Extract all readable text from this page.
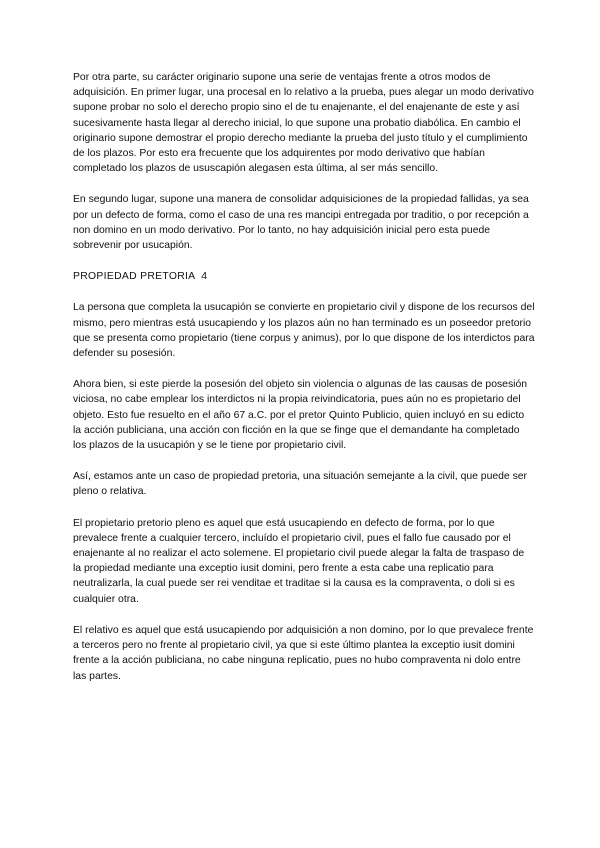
Por otra parte, su carácter originario supone una serie de ventajas frente a otros modos de adquisición. En primer lugar, una procesal en lo relativo a la prueba, pues alegar un modo derivativo supone probar no solo el derecho propio sino el de tu enajenante, el del enajenante de este y así sucesivamente hasta llegar al derecho inicial, lo que supone una probatio diabólica. En cambio el originario supone demostrar el propio derecho mediante la prueba del justo título y el cumplimiento de los plazos. Por esto era frecuente que los adquirentes por modo derivativo que habían completado los plazos de ususcapión alegasen esta última, al ser más sencillo.

En segundo lugar, supone una manera de consolidar adquisiciones de la propiedad fallidas, ya sea por un defecto de forma, como el caso de una res mancipi entregada por traditio, o por recepción a non domino en un modo derivativo. Por lo tanto, no hay adquisición inicial pero esta puede sobrevenir por usucapión.

PROPIEDAD PRETORIA  4

La persona que completa la usucapión se convierte en propietario civil y dispone de los recursos del mismo, pero mientras está usucapiendo y los plazos aún no han terminado es un poseedor pretorio que se presenta como propietario (tiene corpus y animus), por lo que dispone de los interdictos para defender su posesión.

Ahora bien, si este pierde la posesión del objeto sin violencia o algunas de las causas de posesión viciosa, no cabe emplear los interdictos ni la propia reivindicatoria, pues aún no es propietario del objeto. Esto fue resuelto en el año 67 a.C. por el pretor Quinto Publicio, quien incluyó en su edicto la acción publiciana, una acción con ficción en la que se finge que el demandante ha completado los plazos de la usucapión y se le tiene por propietario civil.

Así, estamos ante un caso de propiedad pretoria, una situación semejante a la civil, que puede ser pleno o relativa.

El propietario pretorio pleno es aquel que está usucapiendo en defecto de forma, por lo que prevalece frente a cualquier tercero, incluído el propietario civil, pues el fallo fue causado por el enajenante al no realizar el acto solemene. El propietario civil puede alegar la falta de traspaso de la propiedad mediante una exceptio iusit domini, pero frente a esta cabe una replicatio para neutralizarla, la cual puede ser rei venditae et traditae si la causa es la compraventa, o doli si es cualquier otra.

El relativo es aquel que está usucapiendo por adquisición a non domino, por lo que prevalece frente a terceros pero no frente al propietario civil, ya que si este último plantea la exceptio iusit domini frente a la acción publiciana, no cabe ninguna replicatio, pues no hubo compraventa ni dolo entre las partes.
